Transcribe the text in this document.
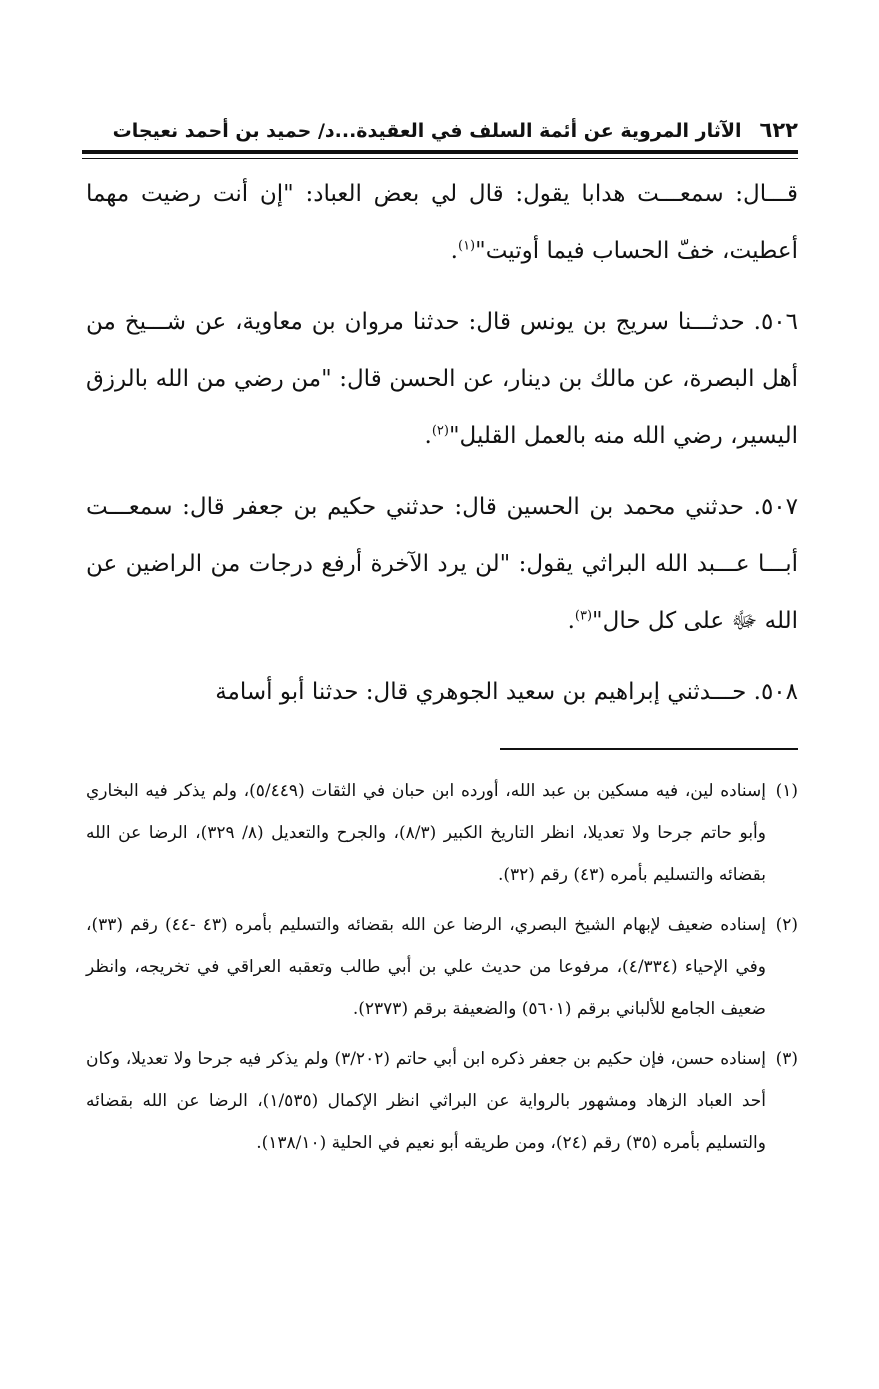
٦٢٢الآثار المروية عن أئمة السلف في العقيدة...د/ حميد بن أحمد نعيجات

قـــال: سمعـــت هدابا يقول: قال لي بعض العباد: "إن أنت رضيت مهما أعطيت، خفّ الحساب فيما أوتيت"$^{(١)}$.

٥٠٦. حدثـــنا سريج بن يونس قال: حدثنا مروان بن معاوية، عن شـــيخ من أهل البصرة، عن مالك بن دينار، عن الحسن قال: "من رضي من الله بالرزق اليسير، رضي الله منه بالعمل القليل"$^{(٢)}$.

٥٠٧. حدثني محمد بن الحسين قال: حدثني حكيم بن جعفر قال: سمعـــت أبـــا عـــبد الله البراثي يقول: "لن يرد الآخرة أرفع درجات من الراضين عن الله ﷻ على كل حال"$^{(٣)}$.

٥٠٨. حـــدثني إبراهيم بن سعيد الجوهري قال: حدثنا أبو أسامة

(١)إسناده لين، فيه مسكين بن عبد الله، أورده ابن حبان في الثقات (٥/٤٤٩)، ولم يذكر فيه البخاري وأبو حاتم جرحا ولا تعديلا، انظر التاريخ الكبير (٨/٣)، والجرح والتعديل (٨/ ٣٢٩)، الرضا عن الله بقضائه والتسليم بأمره (٤٣) رقم (٣٢).

(٢)إسناده ضعيف لإبهام الشيخ البصري، الرضا عن الله بقضائه والتسليم بأمره (٤٣ -٤٤) رقم (٣٣)، وفي الإحياء (٤/٣٣٤)، مرفوعا من حديث علي بن أبي طالب وتعقبه العراقي في تخريجه، وانظر ضعيف الجامع للألباني برقم (٥٦٠١) والضعيفة برقم (٢٣٧٣).

(٣)إسناده حسن، فإن حكيم بن جعفر ذكره ابن أبي حاتم (٣/٢٠٢) ولم يذكر فيه جرحا ولا تعديلا، وكان أحد العباد الزهاد ومشهور بالرواية عن البراثي انظر الإكمال (١/٥٣٥)، الرضا عن الله بقضائه والتسليم بأمره (٣٥) رقم (٢٤)، ومن طريقه أبو نعيم في الحلية (١٣٨/١٠).
